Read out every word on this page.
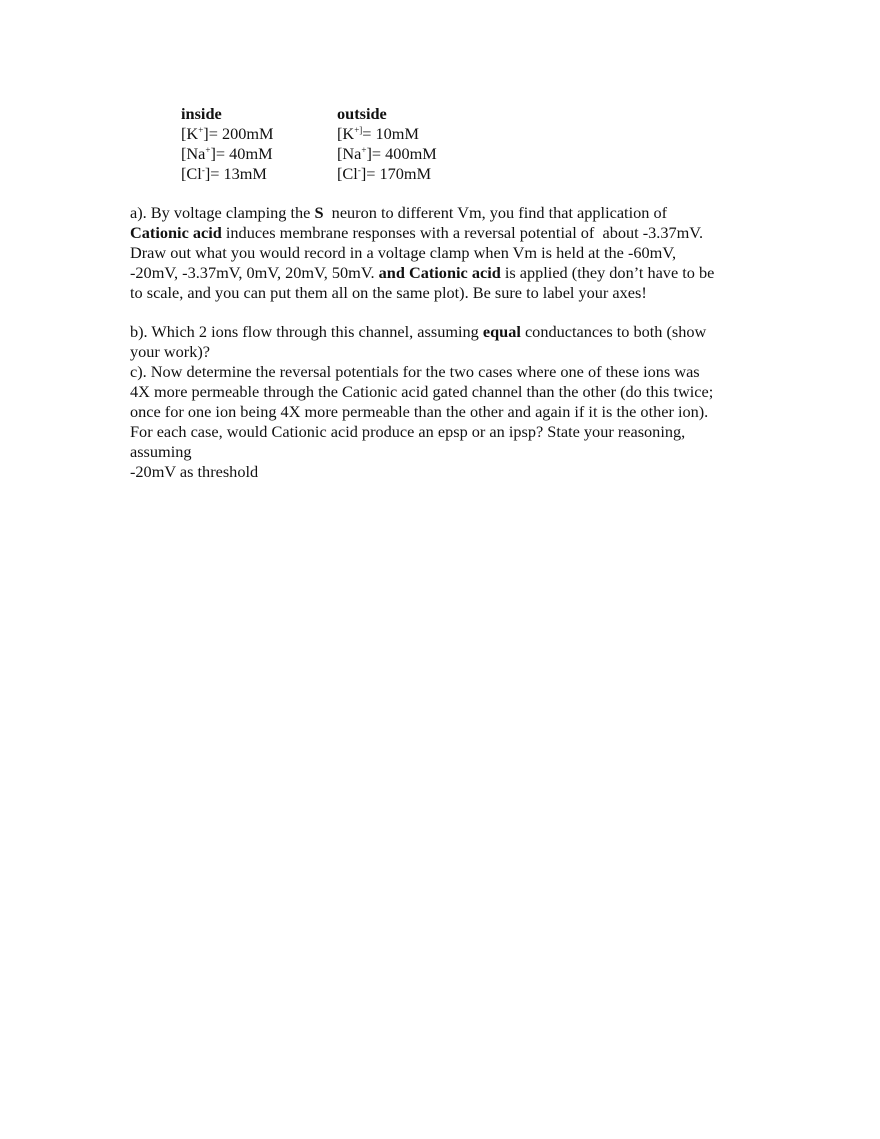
inside
[K+]= 200mM
[Na+]= 40mM
[Cl-]= 13mM
outside
[K+]= 10mM
[Na+]= 400mM
[Cl-]= 170mM
a). By voltage clamping the S  neuron to different Vm, you find that application of
Cationic acid induces membrane responses with a reversal potential of  about -3.37mV.
Draw out what you would record in a voltage clamp when Vm is held at the -60mV,
-20mV, -3.37mV, 0mV, 20mV, 50mV. and Cationic acid is applied (they don’t have to be
to scale, and you can put them all on the same plot). Be sure to label your axes!
b). Which 2 ions flow through this channel, assuming equal conductances to both (show
your work)?
c). Now determine the reversal potentials for the two cases where one of these ions was
4X more permeable through the Cationic acid gated channel than the other (do this twice;
once for one ion being 4X more permeable than the other and again if it is the other ion).
For each case, would Cationic acid produce an epsp or an ipsp? State your reasoning,
assuming
-20mV as threshold
